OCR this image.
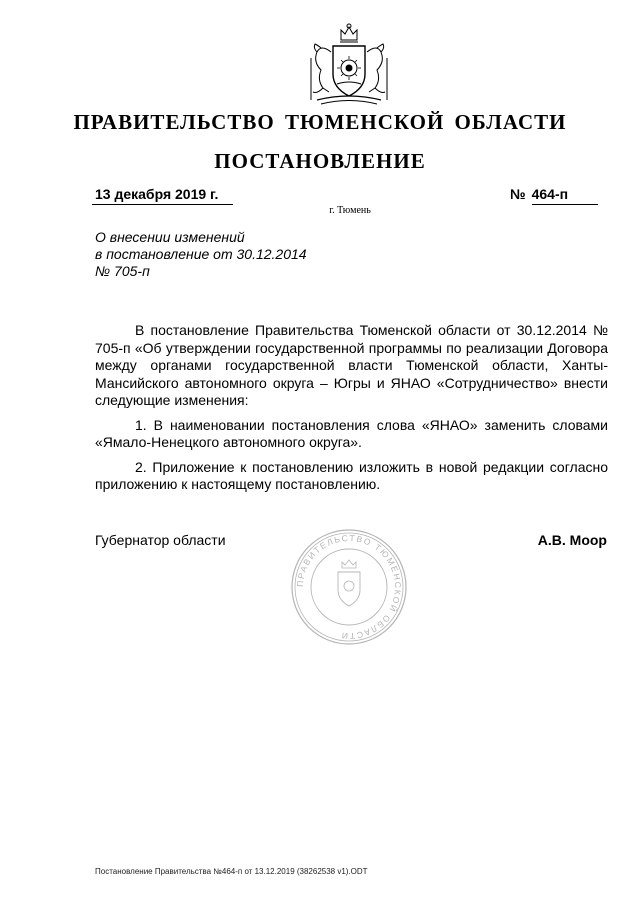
ПРАВИТЕЛЬСТВО ТЮМЕНСКОЙ ОБЛАСТИ
ПОСТАНОВЛЕНИЕ
13 декабря 2019 г.	№ 464-п
г. Тюмень
О внесении изменений
в постановление от 30.12.2014
№ 705-п

В постановление Правительства Тюменской области от 30.12.2014 № 705-п «Об утверждении государственной программы по реализации Договора между органами государственной власти Тюменской области, Ханты-Мансийского автономного округа – Югры и ЯНАО «Сотрудничество» внести следующие изменения:

1. В наименовании постановления слова «ЯНАО» заменить словами «Ямало-Ненецкого автономного округа».

2. Приложение к постановлению изложить в новой редакции согласно приложению к настоящему постановлению.

ПРАВИТЕЛЬСТВО ТЮМЕНСКОЙ ОБЛАСТИ
Губернатор области	А.В. Моор
Постановление Правительства №464-п от 13.12.2019 (38262538 v1).ODT
